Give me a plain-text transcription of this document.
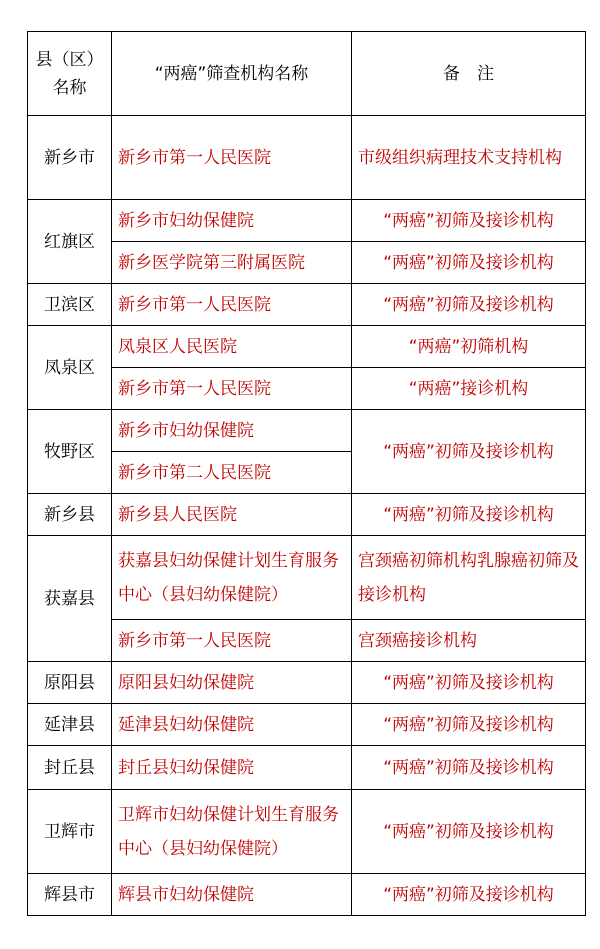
县（区）名称	“两癌”筛查机构名称	备　注
新乡市	新乡市第一人民医院	市级组织病理技术支持机构
红旗区	新乡市妇幼保健院	“两癌”初筛及接诊机构
	新乡医学院第三附属医院	“两癌”初筛及接诊机构
卫滨区	新乡市第一人民医院	“两癌”初筛及接诊机构
凤泉区	凤泉区人民医院	“两癌”初筛机构
	新乡市第一人民医院	“两癌”接诊机构
牧野区	新乡市妇幼保健院	“两癌”初筛及接诊机构
	新乡市第二人民医院	
新乡县	新乡县人民医院	“两癌”初筛及接诊机构
获嘉县	获嘉县妇幼保健计划生育服务中心（县妇幼保健院）	宫颈癌初筛机构乳腺癌初筛及接诊机构
	新乡市第一人民医院	宫颈癌接诊机构
原阳县	原阳县妇幼保健院	“两癌”初筛及接诊机构
延津县	延津县妇幼保健院	“两癌”初筛及接诊机构
封丘县	封丘县妇幼保健院	“两癌”初筛及接诊机构
卫辉市	卫辉市妇幼保健计划生育服务中心（县妇幼保健院）	“两癌”初筛及接诊机构
辉县市	辉县市妇幼保健院	“两癌”初筛及接诊机构
